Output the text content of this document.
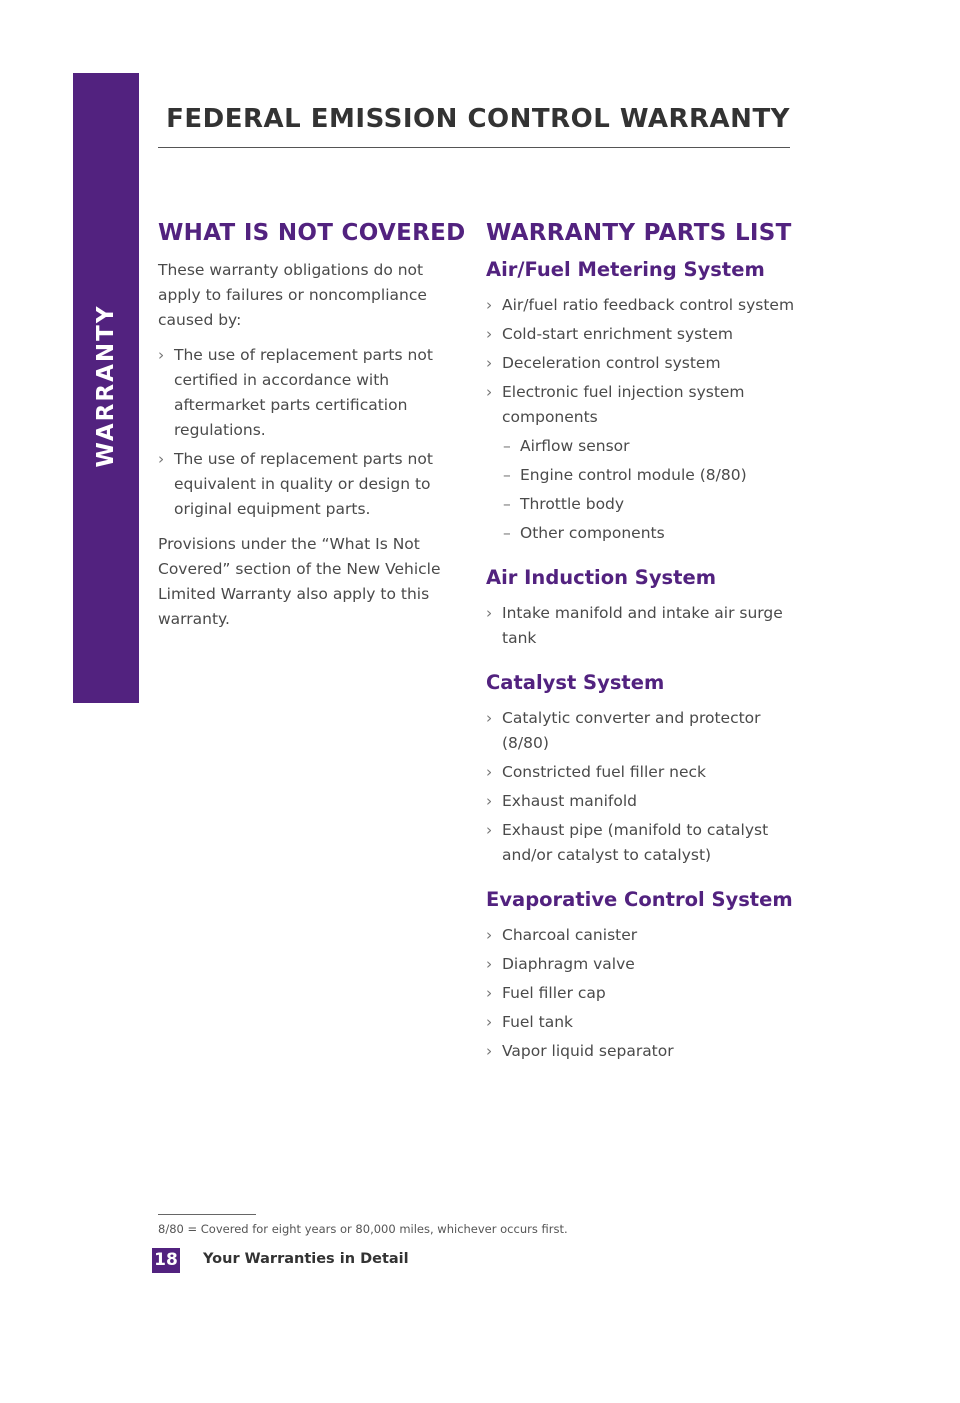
WARRANTY
FEDERAL EMISSION CONTROL WARRANTY
WHAT IS NOT COVERED

These warranty obligations do not apply to failures or noncompliance caused by:

› The use of replacement parts not certified in accordance with aftermarket parts certification regulations.
› The use of replacement parts not equivalent in quality or design to original equipment parts.

Provisions under the “What Is Not Covered” section of the New Vehicle Limited Warranty also apply to this warranty.

WARRANTY PARTS LIST
Air/Fuel Metering System
› Air/fuel ratio feedback control system
› Cold-start enrichment system
› Deceleration control system
› Electronic fuel injection system components
– Airflow sensor
– Engine control module (8/80)
– Throttle body
– Other components
Air Induction System
› Intake manifold and intake air surge tank
Catalyst System
› Catalytic converter and protector (8/80)
› Constricted fuel filler neck
› Exhaust manifold
› Exhaust pipe (manifold to catalyst and/or catalyst to catalyst)
Evaporative Control System
› Charcoal canister
› Diaphragm valve
› Fuel filler cap
› Fuel tank
› Vapor liquid separator
8/80 = Covered for eight years or 80,000 miles, whichever occurs first.
18 Your Warranties in Detail
